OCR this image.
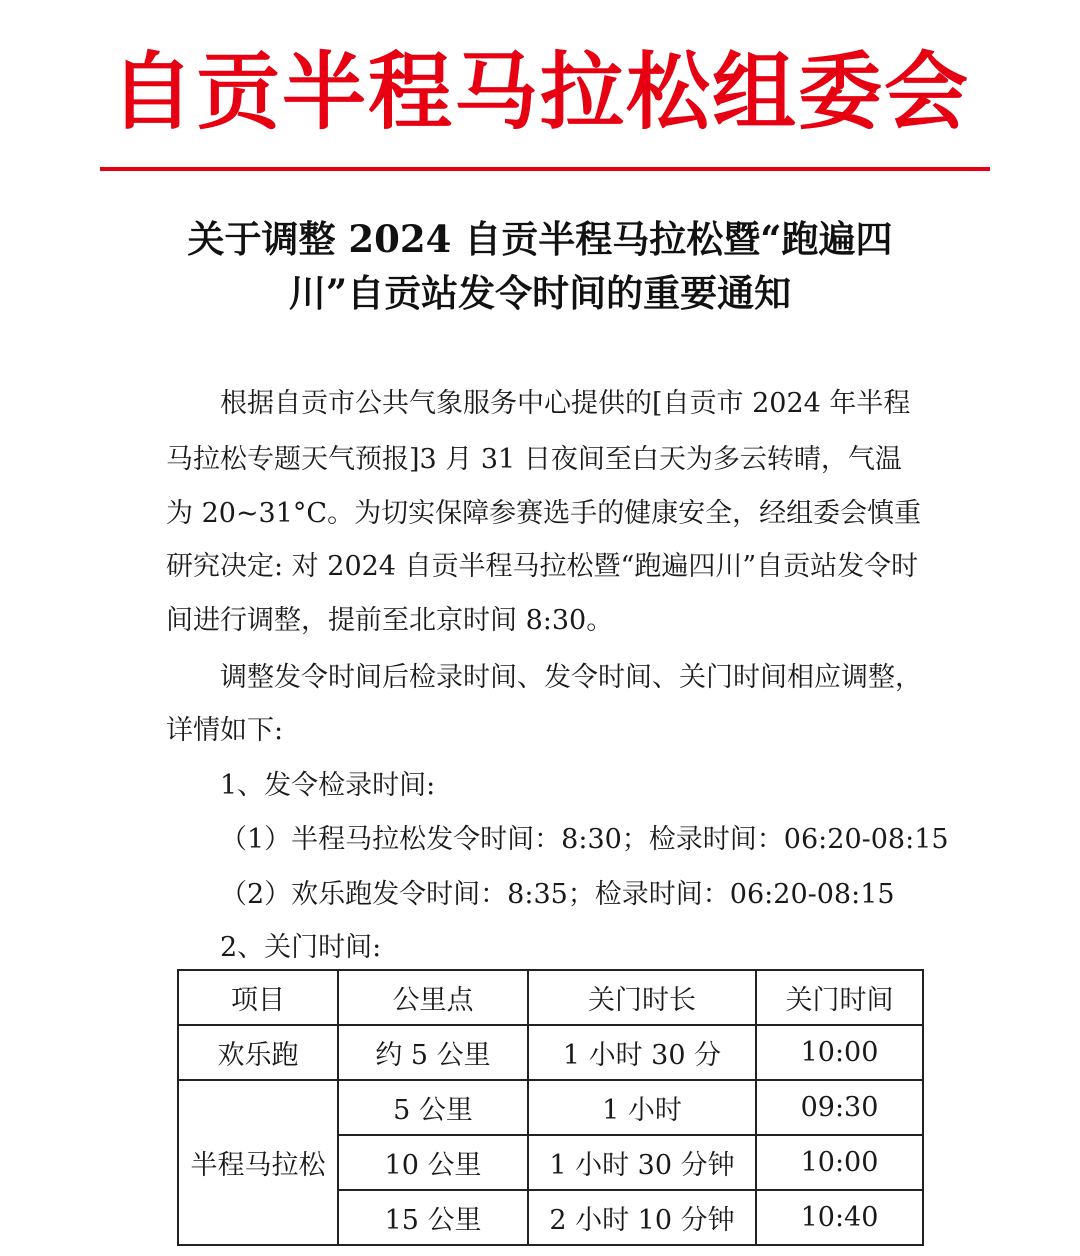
自贡半程马拉松组委会
关于调整 2024 自贡半程马拉松暨“跑遍四
川”自贡站发令时间的重要通知
根据自贡市公共气象服务中心提供的[自贡市 2024 年半程
马拉松专题天气预报]3 月 31 日夜间至白天为多云转晴，气温
为 20~31°C。为切实保障参赛选手的健康安全，经组委会慎重
研究决定: 对 2024 自贡半程马拉松暨“跑遍四川”自贡站发令时
间进行调整，提前至北京时间 8:30。
调整发令时间后检录时间、发令时间、关门时间相应调整，
详情如下:
1、发令检录时间:
（1）半程马拉松发令时间：8:30；检录时间：06:20-08:15
（2）欢乐跑发令时间：8:35；检录时间：06:20-08:15
2、关门时间:
项目	公里点	关门时长	关门时间
欢乐跑	约 5 公里	1 小时 30 分	10:00
半程马拉松	5 公里	1 小时	09:30
	10 公里	1 小时 30 分钟	10:00
	15 公里	2 小时 10 分钟	10:40
